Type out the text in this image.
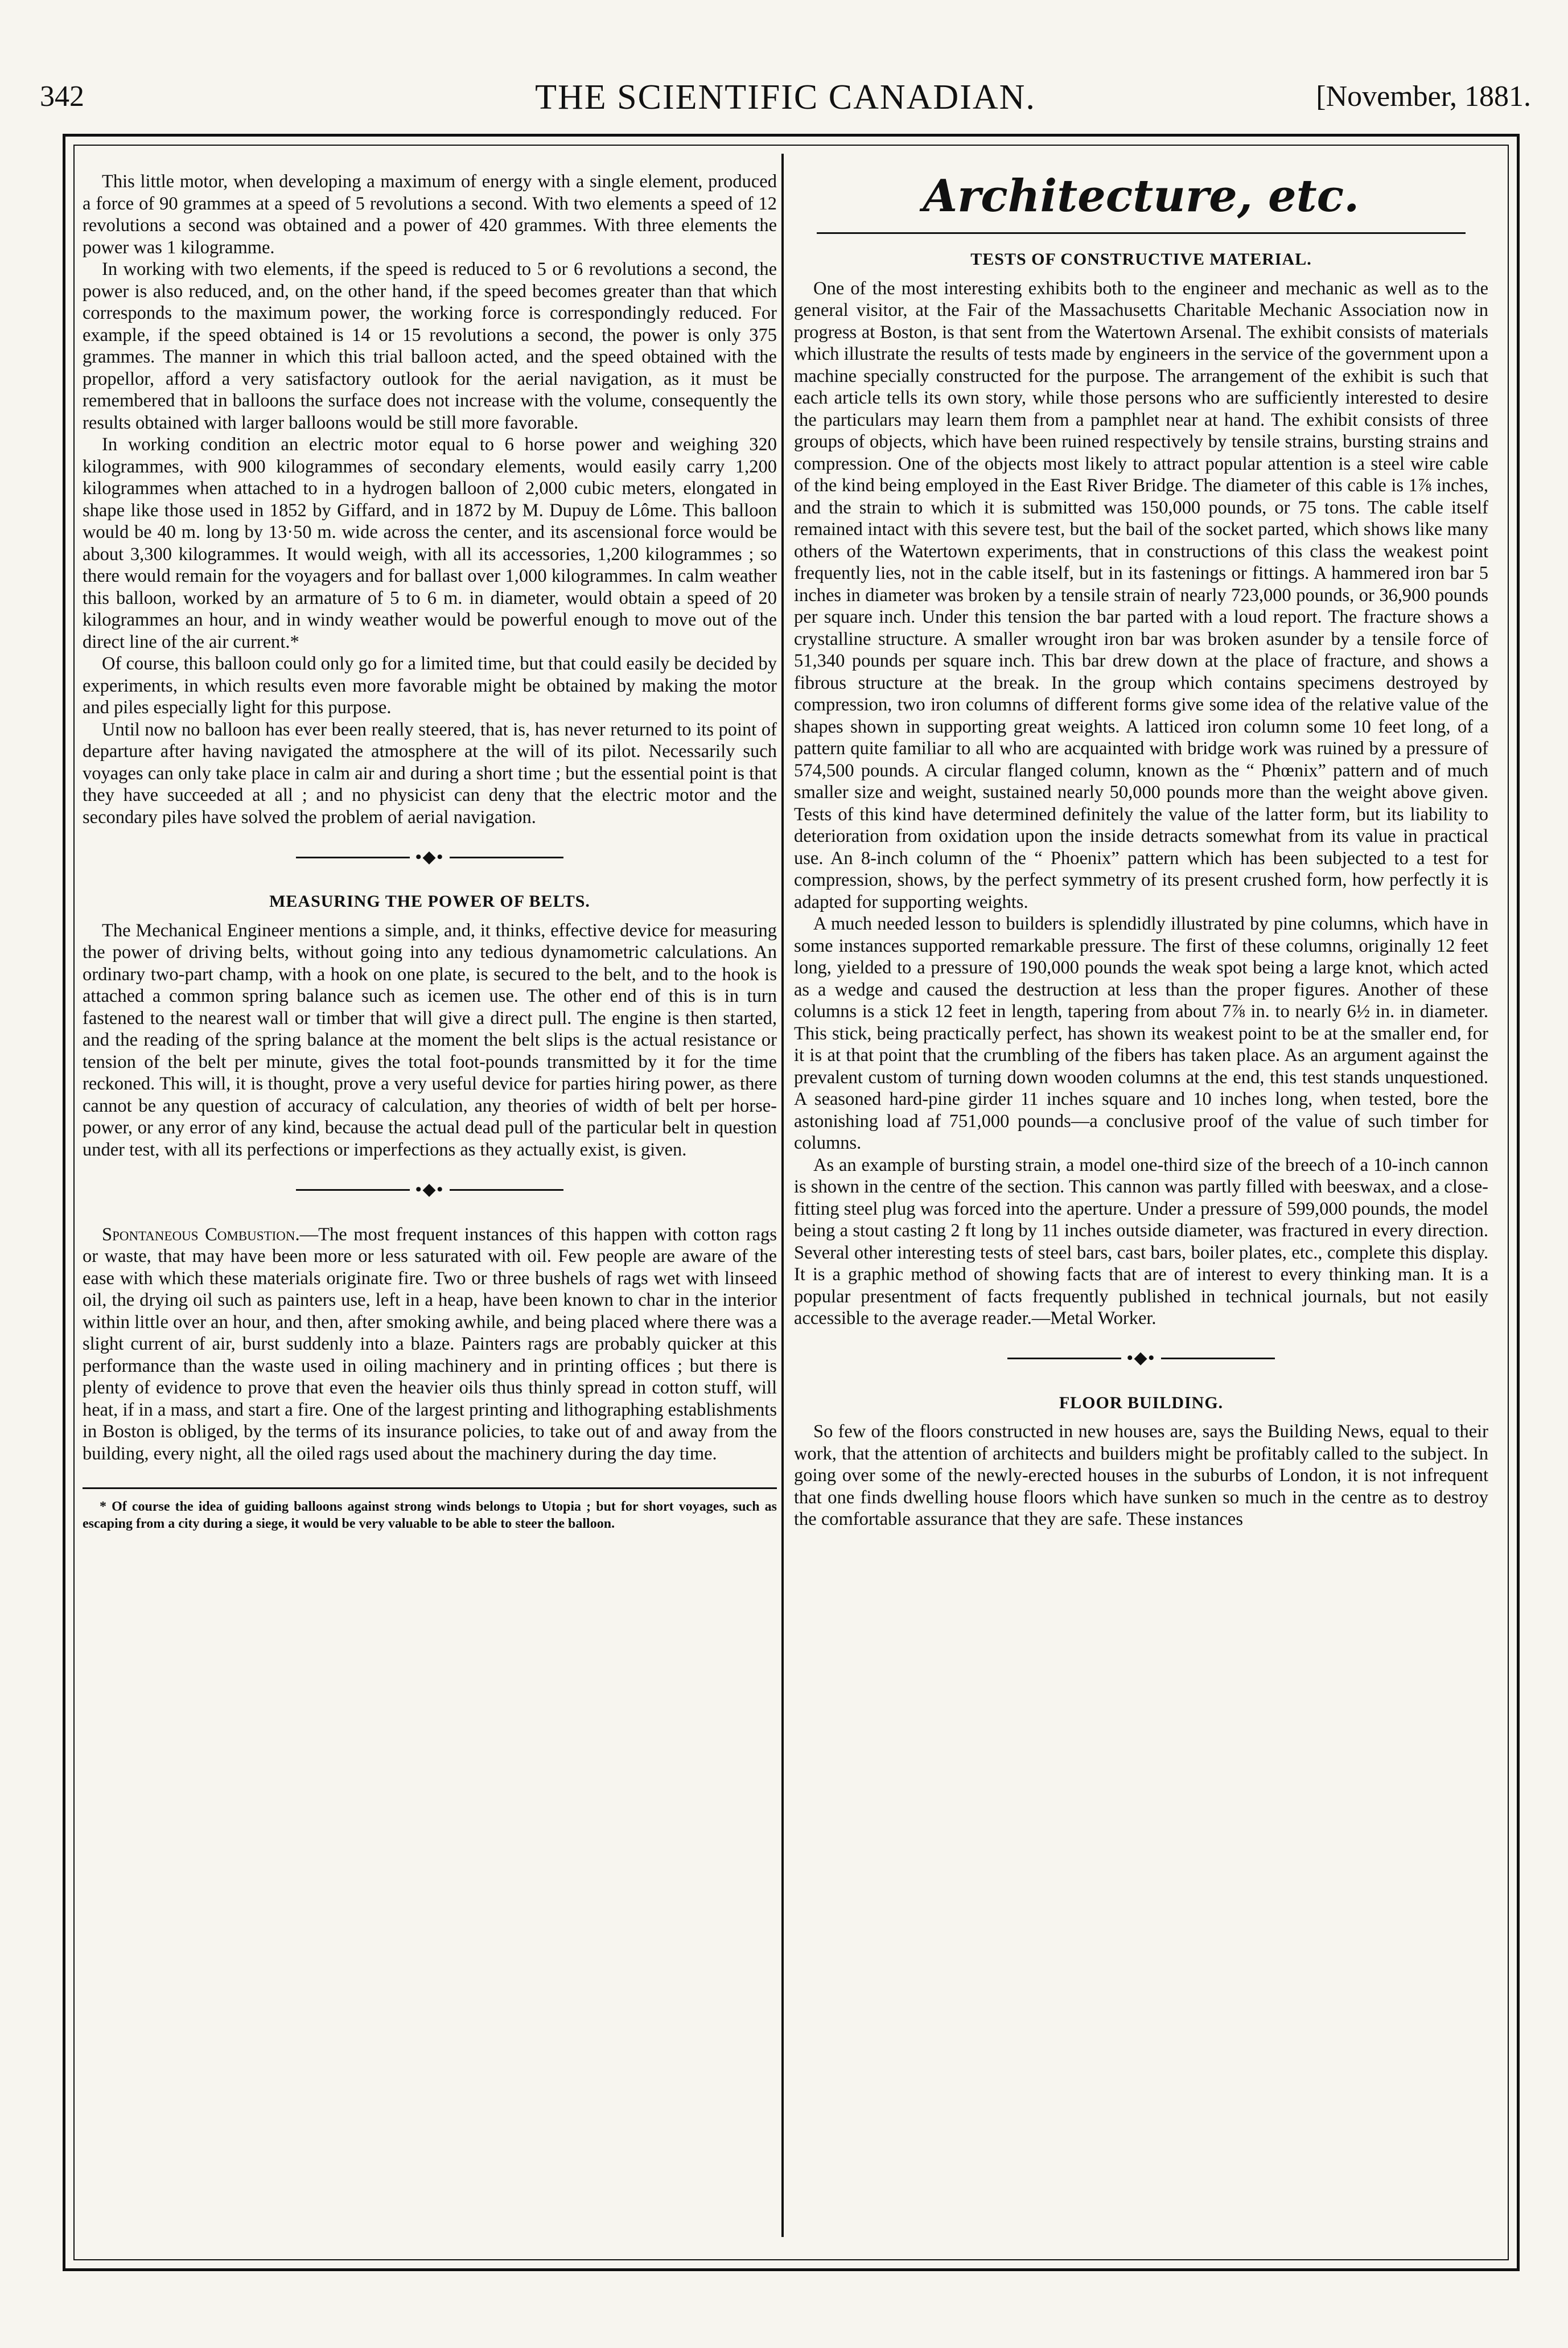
342	THE SCIENTIFIC CANADIAN.	[November, 1881.

This little motor, when developing a maximum of energy with a single element, produced a force of 90 grammes at a speed of 5 revolutions a second. With two elements a speed of 12 revolutions a second was obtained and a power of 420 grammes. With three elements the power was 1 kilogramme.

In working with two elements, if the speed is reduced to 5 or 6 revolutions a second, the power is also reduced, and, on the other hand, if the speed becomes greater than that which corresponds to the maximum power, the working force is correspondingly reduced. For example, if the speed obtained is 14 or 15 revolutions a second, the power is only 375 grammes. The manner in which this trial balloon acted, and the speed obtained with the propellor, afford a very satisfactory outlook for the aerial navigation, as it must be remembered that in balloons the surface does not increase with the volume, consequently the results obtained with larger balloons would be still more favorable.

In working condition an electric motor equal to 6 horse power and weighing 320 kilogrammes, with 900 kilogrammes of secondary elements, would easily carry 1,200 kilogrammes when attached to in a hydrogen balloon of 2,000 cubic meters, elongated in shape like those used in 1852 by Giffard, and in 1872 by M. Dupuy de Lôme. This balloon would be 40 m. long by 13·50 m. wide across the center, and its ascensional force would be about 3,300 kilogrammes. It would weigh, with all its accessories, 1,200 kilogrammes ; so there would remain for the voyagers and for ballast over 1,000 kilogrammes. In calm weather this balloon, worked by an armature of 5 to 6 m. in diameter, would obtain a speed of 20 kilogrammes an hour, and in windy weather would be powerful enough to move out of the direct line of the air current.*

Of course, this balloon could only go for a limited time, but that could easily be decided by experiments, in which results even more favorable might be obtained by making the motor and piles especially light for this purpose.

Until now no balloon has ever been really steered, that is, has never returned to its point of departure after having navigated the atmosphere at the will of its pilot. Necessarily such voyages can only take place in calm air and during a short time ; but the essential point is that they have succeeded at all ; and no physicist can deny that the electric motor and the secondary piles have solved the problem of aerial navigation.

•◆•
MEASURING THE POWER OF BELTS.

The Mechanical Engineer mentions a simple, and, it thinks, effective device for measuring the power of driving belts, without going into any tedious dynamometric calculations. An ordinary two-part champ, with a hook on one plate, is secured to the belt, and to the hook is attached a common spring balance such as icemen use. The other end of this is in turn fastened to the nearest wall or timber that will give a direct pull. The engine is then started, and the reading of the spring balance at the moment the belt slips is the actual resistance or tension of the belt per minute, gives the total foot-pounds transmitted by it for the time reckoned. This will, it is thought, prove a very useful device for parties hiring power, as there cannot be any question of accuracy of calculation, any theories of width of belt per horse-power, or any error of any kind, because the actual dead pull of the particular belt in question under test, with all its perfections or imperfections as they actually exist, is given.

•◆•

Spontaneous Combustion.—The most frequent instances of this happen with cotton rags or waste, that may have been more or less saturated with oil. Few people are aware of the ease with which these materials originate fire. Two or three bushels of rags wet with linseed oil, the drying oil such as painters use, left in a heap, have been known to char in the interior within little over an hour, and then, after smoking awhile, and being placed where there was a slight current of air, burst suddenly into a blaze. Painters rags are probably quicker at this performance than the waste used in oiling machinery and in printing offices ; but there is plenty of evidence to prove that even the heavier oils thus thinly spread in cotton stuff, will heat, if in a mass, and start a fire. One of the largest printing and lithographing establishments in Boston is obliged, by the terms of its insurance policies, to take out of and away from the building, every night, all the oiled rags used about the machinery during the day time.

* Of course the idea of guiding balloons against strong winds belongs to Utopia ; but for short voyages, such as escaping from a city during a siege, it would be very valuable to be able to steer the balloon.

Architecture, etc.
TESTS OF CONSTRUCTIVE MATERIAL.

One of the most interesting exhibits both to the engineer and mechanic as well as to the general visitor, at the Fair of the Massachusetts Charitable Mechanic Association now in progress at Boston, is that sent from the Watertown Arsenal. The exhibit consists of materials which illustrate the results of tests made by engineers in the service of the government upon a machine specially constructed for the purpose. The arrangement of the exhibit is such that each article tells its own story, while those persons who are sufficiently interested to desire the particulars may learn them from a pamphlet near at hand. The exhibit consists of three groups of objects, which have been ruined respectively by tensile strains, bursting strains and compression. One of the objects most likely to attract popular attention is a steel wire cable of the kind being employed in the East River Bridge. The diameter of this cable is 1⅞ inches, and the strain to which it is submitted was 150,000 pounds, or 75 tons. The cable itself remained intact with this severe test, but the bail of the socket parted, which shows like many others of the Watertown experiments, that in constructions of this class the weakest point frequently lies, not in the cable itself, but in its fastenings or fittings. A hammered iron bar 5 inches in diameter was broken by a tensile strain of nearly 723,000 pounds, or 36,900 pounds per square inch. Under this tension the bar parted with a loud report. The fracture shows a crystalline structure. A smaller wrought iron bar was broken asunder by a tensile force of 51,340 pounds per square inch. This bar drew down at the place of fracture, and shows a fibrous structure at the break. In the group which contains specimens destroyed by compression, two iron columns of different forms give some idea of the relative value of the shapes shown in supporting great weights. A latticed iron column some 10 feet long, of a pattern quite familiar to all who are acquainted with bridge work was ruined by a pressure of 574,500 pounds. A circular flanged column, known as the “ Phœnix” pattern and of much smaller size and weight, sustained nearly 50,000 pounds more than the weight above given. Tests of this kind have determined definitely the value of the latter form, but its liability to deterioration from oxidation upon the inside detracts somewhat from its value in practical use. An 8-inch column of the “ Phoenix” pattern which has been subjected to a test for compression, shows, by the perfect symmetry of its present crushed form, how perfectly it is adapted for supporting weights.

A much needed lesson to builders is splendidly illustrated by pine columns, which have in some instances supported remarkable pressure. The first of these columns, originally 12 feet long, yielded to a pressure of 190,000 pounds the weak spot being a large knot, which acted as a wedge and caused the destruction at less than the proper figures. Another of these columns is a stick 12 feet in length, tapering from about 7⅞ in. to nearly 6½ in. in diameter. This stick, being practically perfect, has shown its weakest point to be at the smaller end, for it is at that point that the crumbling of the fibers has taken place. As an argument against the prevalent custom of turning down wooden columns at the end, this test stands unquestioned. A seasoned hard-pine girder 11 inches square and 10 inches long, when tested, bore the astonishing load af 751,000 pounds—a conclusive proof of the value of such timber for columns.

As an example of bursting strain, a model one-third size of the breech of a 10-inch cannon is shown in the centre of the section. This cannon was partly filled with beeswax, and a close-fitting steel plug was forced into the aperture. Under a pressure of 599,000 pounds, the model being a stout casting 2 ft long by 11 inches outside diameter, was fractured in every direction. Several other interesting tests of steel bars, cast bars, boiler plates, etc., complete this display. It is a graphic method of showing facts that are of interest to every thinking man. It is a popular presentment of facts frequently published in technical journals, but not easily accessible to the average reader.—Metal Worker.

•◆•
FLOOR BUILDING.

So few of the floors constructed in new houses are, says the Building News, equal to their work, that the attention of architects and builders might be profitably called to the subject. In going over some of the newly-erected houses in the suburbs of London, it is not infrequent that one finds dwelling house floors which have sunken so much in the centre as to destroy the comfortable assurance that they are safe. These instances
